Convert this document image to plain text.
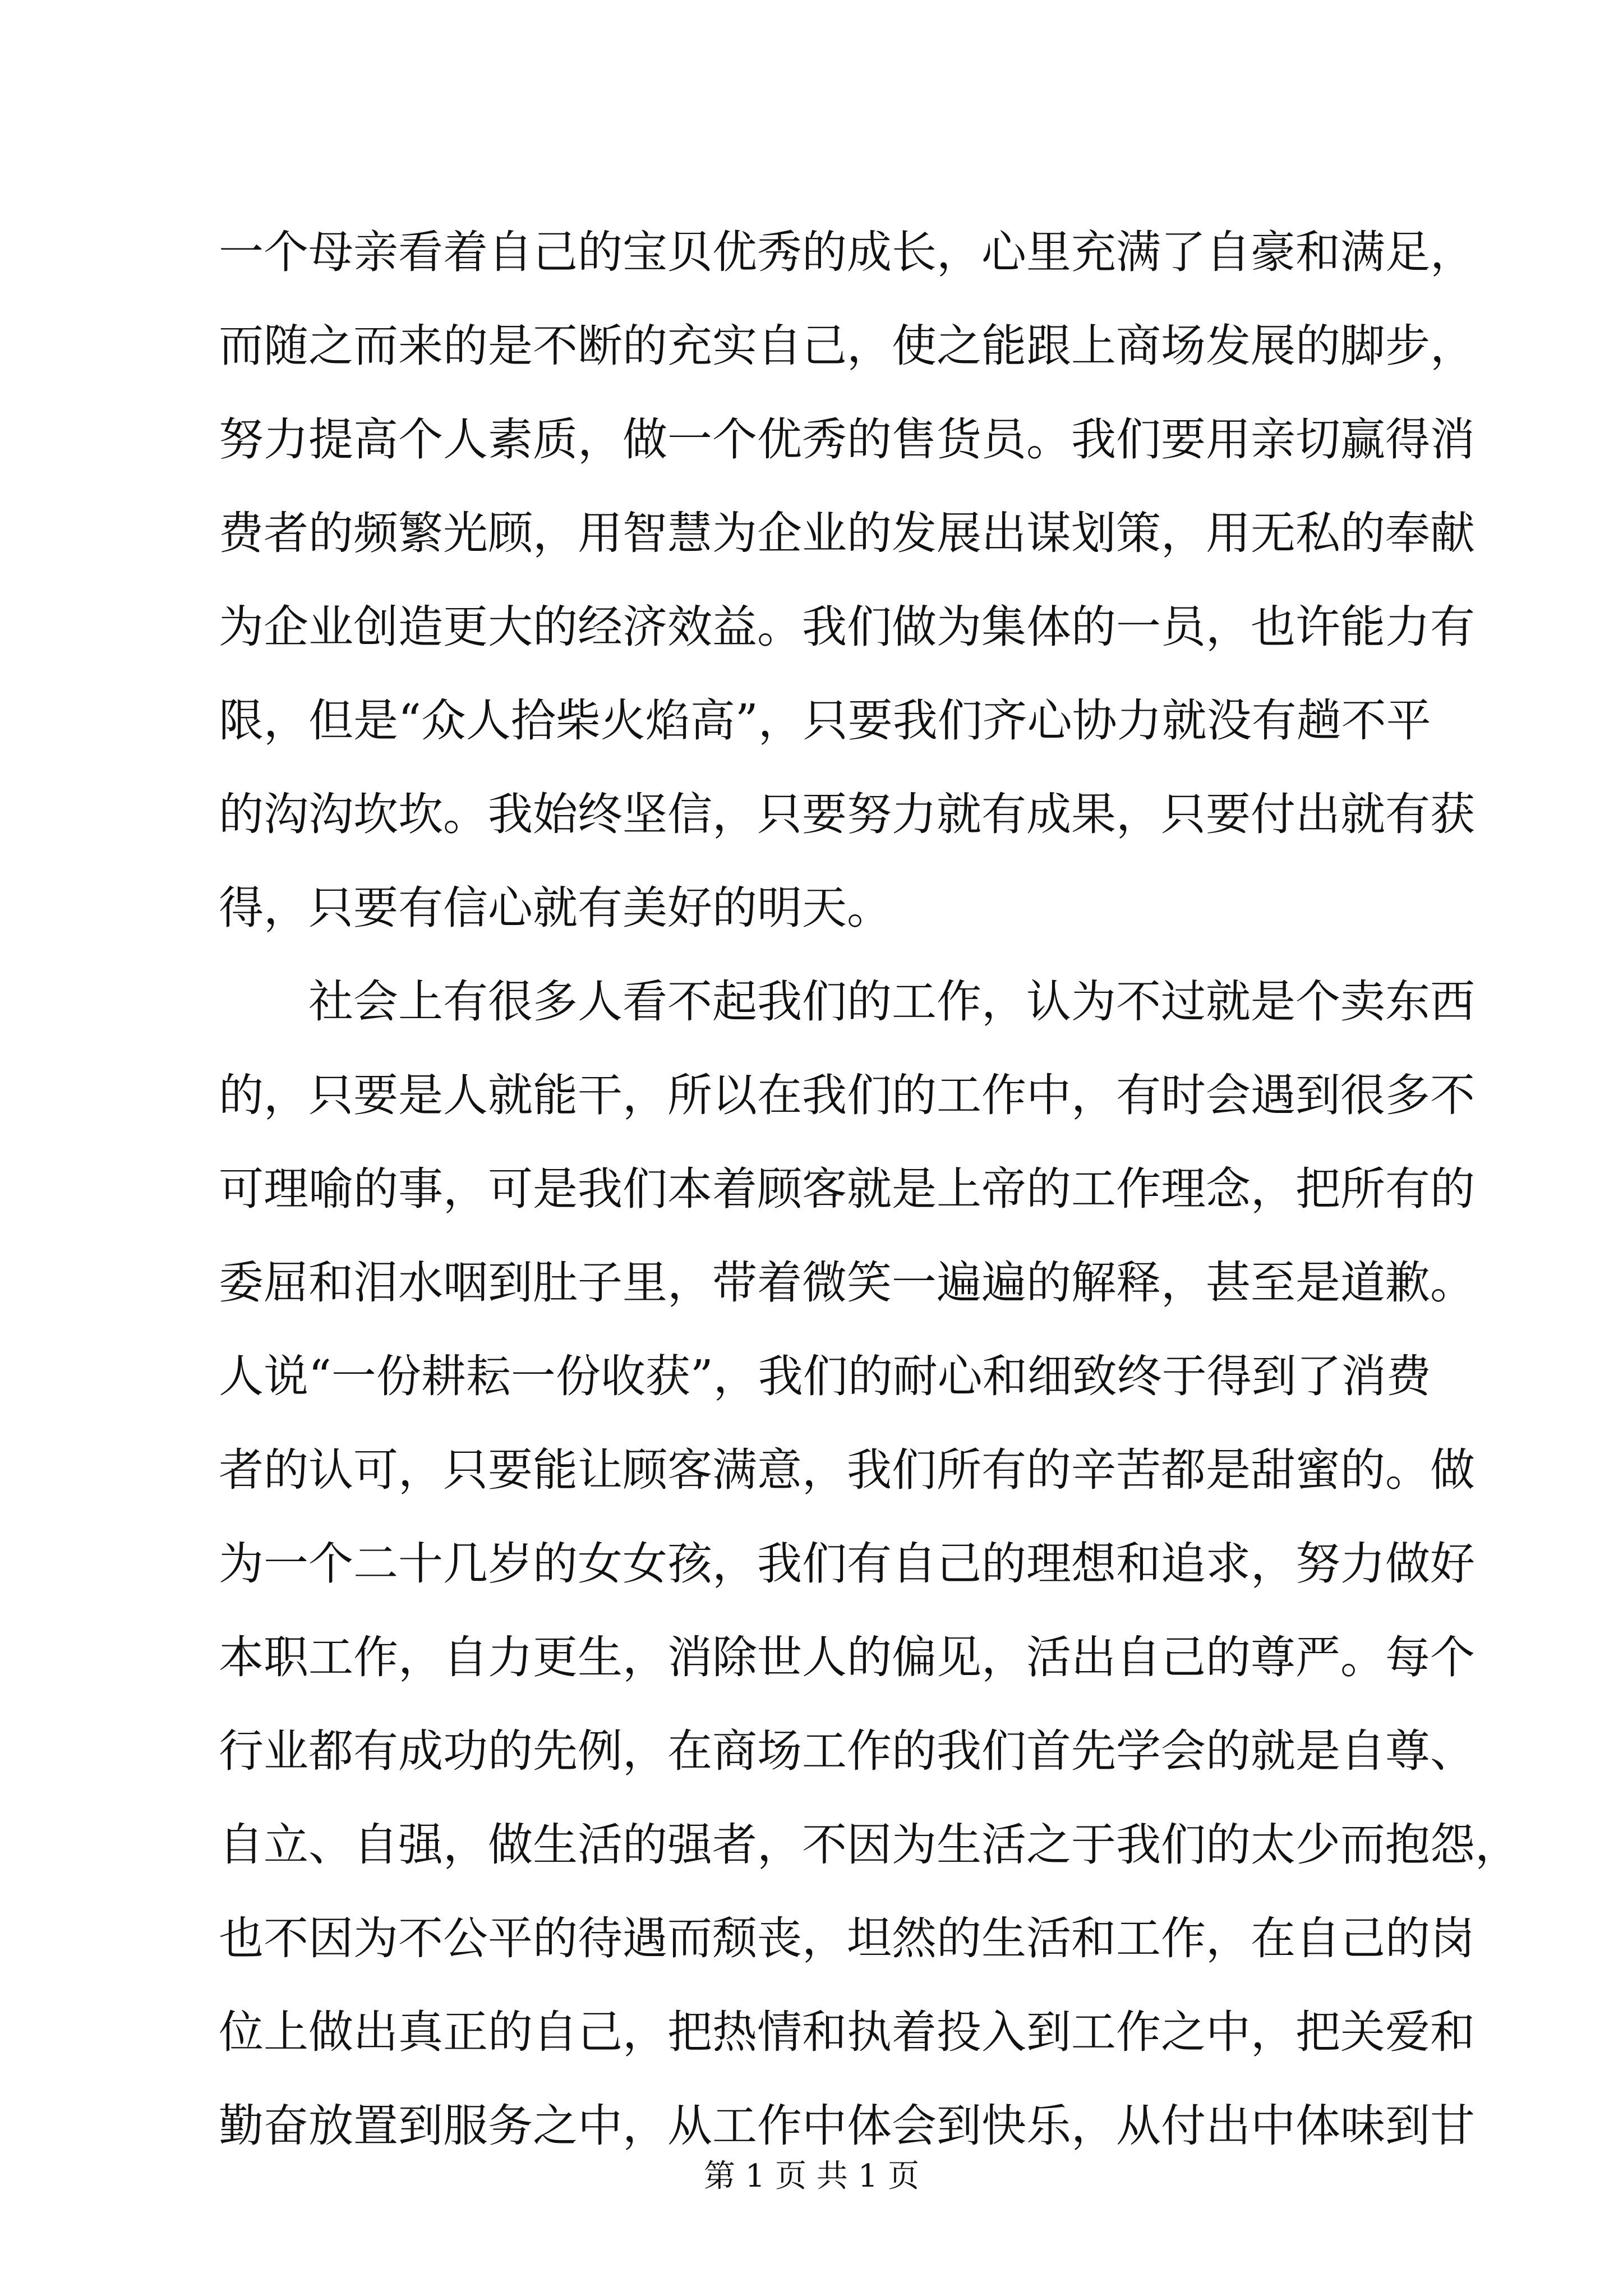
一个母亲看着自己的宝贝优秀的成长，心里充满了自豪和满足，
而随之而来的是不断的充实自己，使之能跟上商场发展的脚步，
努力提高个人素质，做一个优秀的售货员。我们要用亲切赢得消
费者的频繁光顾，用智慧为企业的发展出谋划策，用无私的奉献
为企业创造更大的经济效益。我们做为集体的一员，也许能力有
限，但是“众人拾柴火焰高”，只要我们齐心协力就没有趟不平
的沟沟坎坎。我始终坚信，只要努力就有成果，只要付出就有获
得，只要有信心就有美好的明天。
社会上有很多人看不起我们的工作，认为不过就是个卖东西
的，只要是人就能干，所以在我们的工作中，有时会遇到很多不
可理喻的事，可是我们本着顾客就是上帝的工作理念，把所有的
委屈和泪水咽到肚子里，带着微笑一遍遍的解释，甚至是道歉。
人说“一份耕耘一份收获”，我们的耐心和细致终于得到了消费
者的认可，只要能让顾客满意，我们所有的辛苦都是甜蜜的。做
为一个二十几岁的女女孩，我们有自己的理想和追求，努力做好
本职工作，自力更生，消除世人的偏见，活出自己的尊严。每个
行业都有成功的先例，在商场工作的我们首先学会的就是自尊、
自立、自强，做生活的强者，不因为生活之于我们的太少而抱怨，
也不因为不公平的待遇而颓丧，坦然的生活和工作，在自己的岗
位上做出真正的自己，把热情和执着投入到工作之中，把关爱和
勤奋放置到服务之中，从工作中体会到快乐，从付出中体味到甘
第 1 页 共 1 页
